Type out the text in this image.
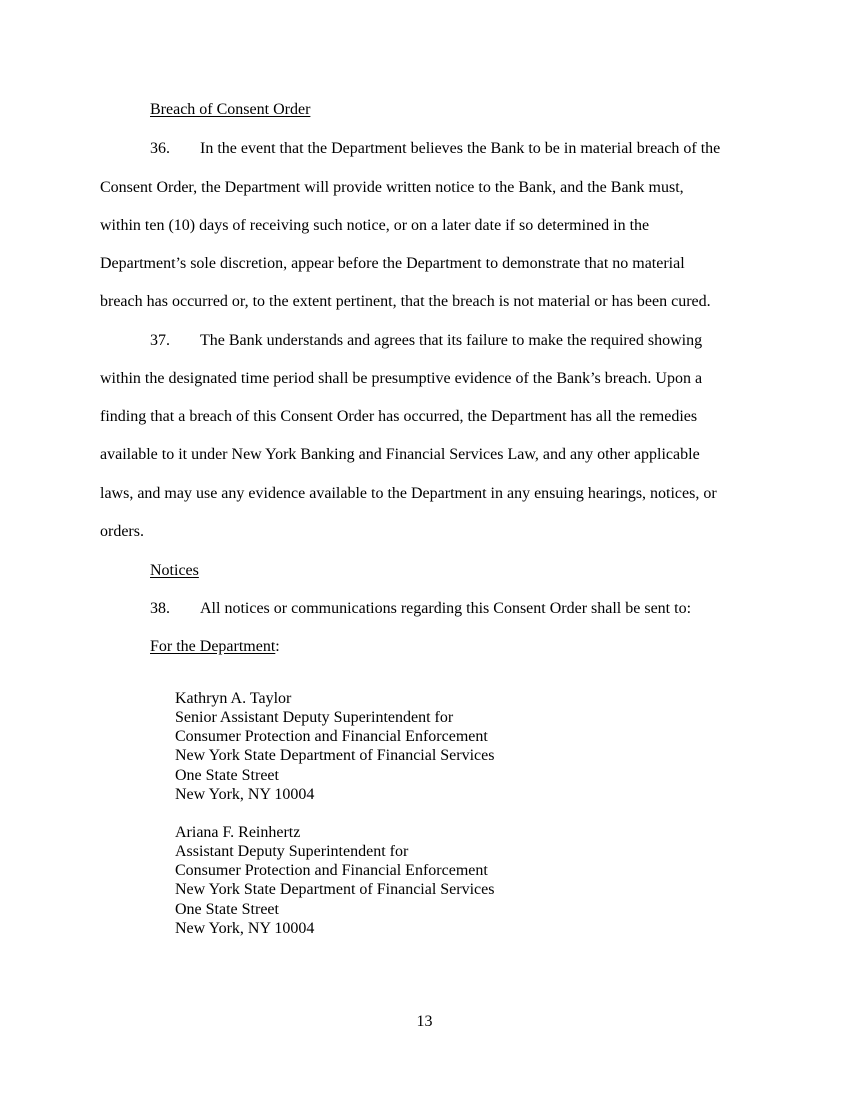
Breach of Consent Order
36. In the event that the Department believes the Bank to be in material breach of the
Consent Order, the Department will provide written notice to the Bank, and the Bank must,
within ten (10) days of receiving such notice, or on a later date if so determined in the
Department’s sole discretion, appear before the Department to demonstrate that no material
breach has occurred or, to the extent pertinent, that the breach is not material or has been cured.
37. The Bank understands and agrees that its failure to make the required showing
within the designated time period shall be presumptive evidence of the Bank’s breach. Upon a
finding that a breach of this Consent Order has occurred, the Department has all the remedies
available to it under New York Banking and Financial Services Law, and any other applicable
laws, and may use any evidence available to the Department in any ensuing hearings, notices, or
orders.
Notices
38. All notices or communications regarding this Consent Order shall be sent to:
For the Department:
Kathryn A. Taylor
Senior Assistant Deputy Superintendent for
Consumer Protection and Financial Enforcement
New York State Department of Financial Services
One State Street
New York, NY 10004
Ariana F. Reinhertz
Assistant Deputy Superintendent for
Consumer Protection and Financial Enforcement
New York State Department of Financial Services
One State Street
New York, NY 10004
13
